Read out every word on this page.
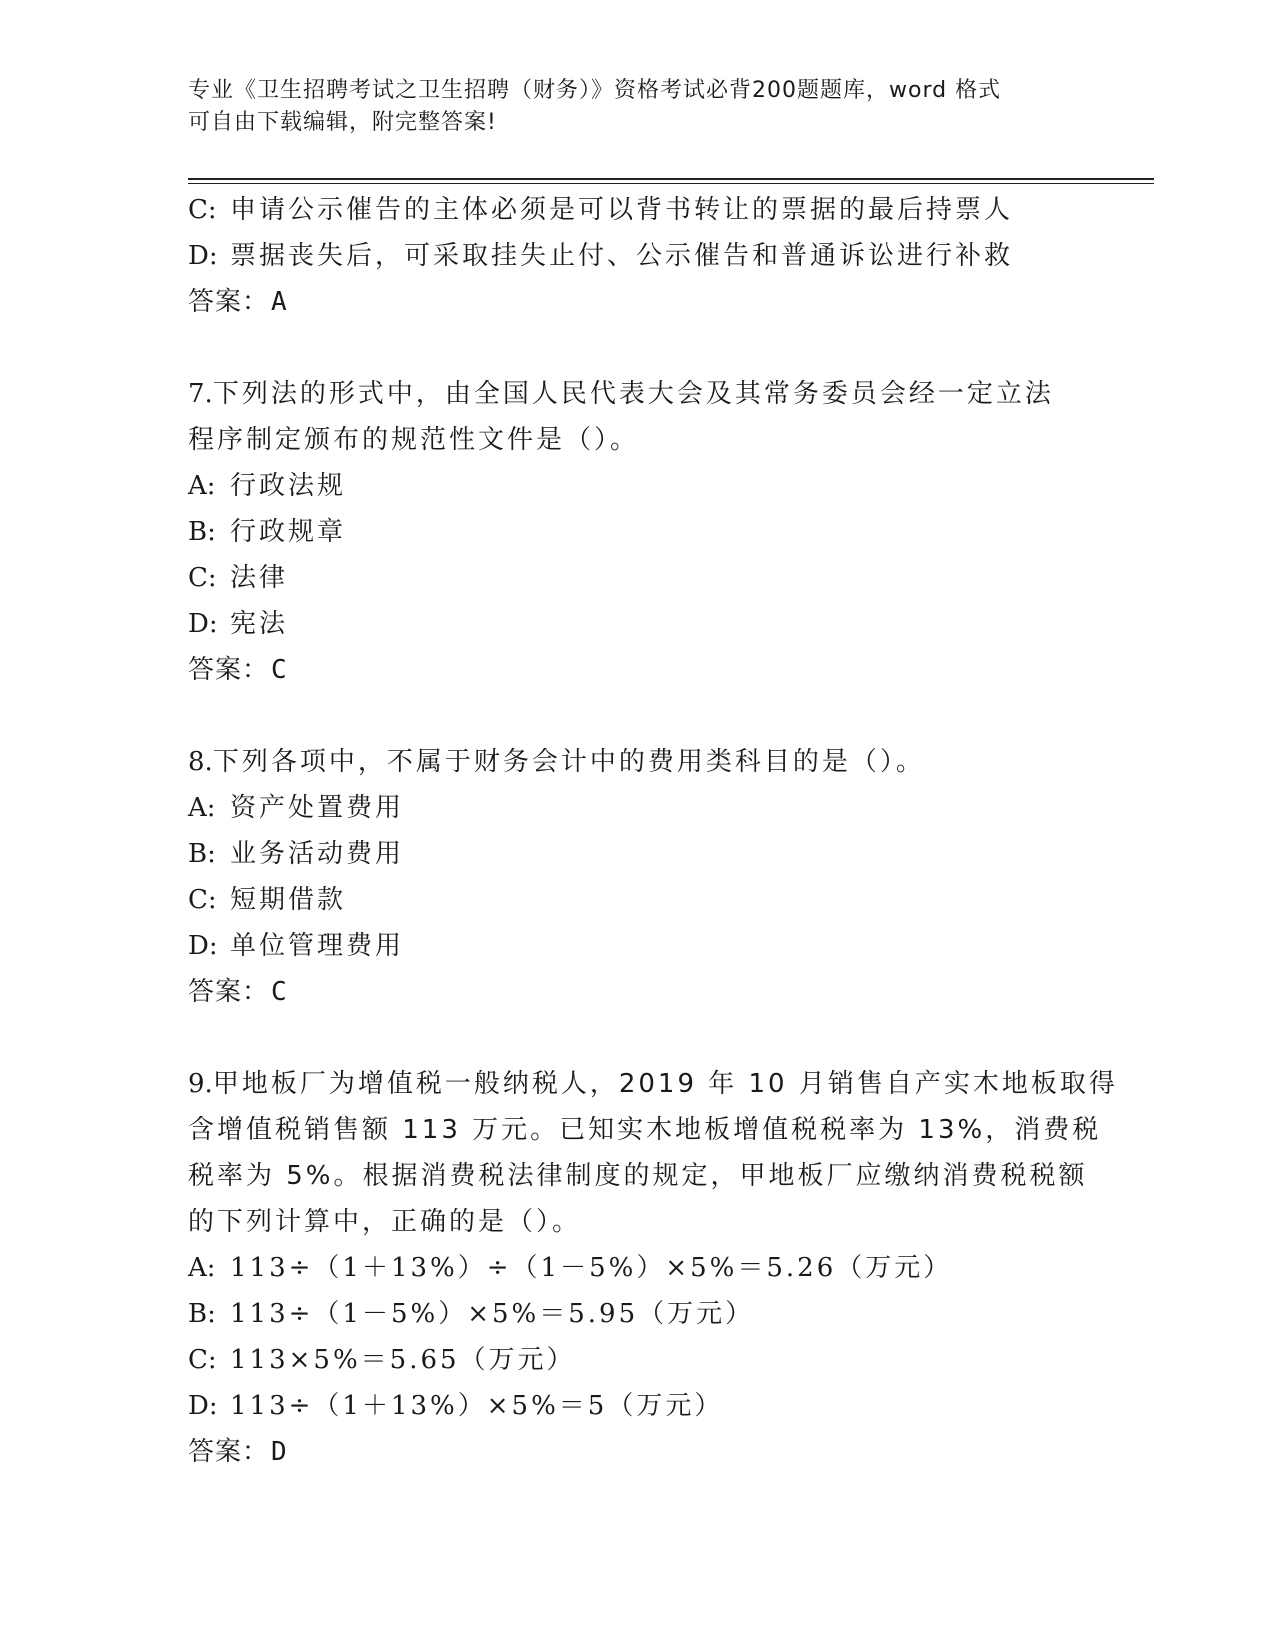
专业《卫生招聘考试之卫生招聘（财务）》资格考试必背200题题库，word 格式
可自由下载编辑，附完整答案!
C: 申请公示催告的主体必须是可以背书转让的票据的最后持票人
D: 票据丧失后，可采取挂失止付、公示催告和普通诉讼进行补救
答案：A
7.下列法的形式中，由全国人民代表大会及其常务委员会经一定立法
程序制定颁布的规范性文件是（）。
A: 行政法规
B: 行政规章
C: 法律
D: 宪法
答案：C
8.下列各项中，不属于财务会计中的费用类科目的是（）。
A: 资产处置费用
B: 业务活动费用
C: 短期借款
D: 单位管理费用
答案：C
9.甲地板厂为增值税一般纳税人，2019 年 10 月销售自产实木地板取得
含增值税销售额 113 万元。已知实木地板增值税税率为 13%，消费税
税率为 5%。根据消费税法律制度的规定，甲地板厂应缴纳消费税税额
的下列计算中，正确的是（）。
A: 113÷（1＋13%）÷（1－5%）×5%＝5.26（万元）
B: 113÷（1－5%）×5%＝5.95（万元）
C: 113×5%＝5.65（万元）
D: 113÷（1＋13%）×5%＝5（万元）
答案：D
